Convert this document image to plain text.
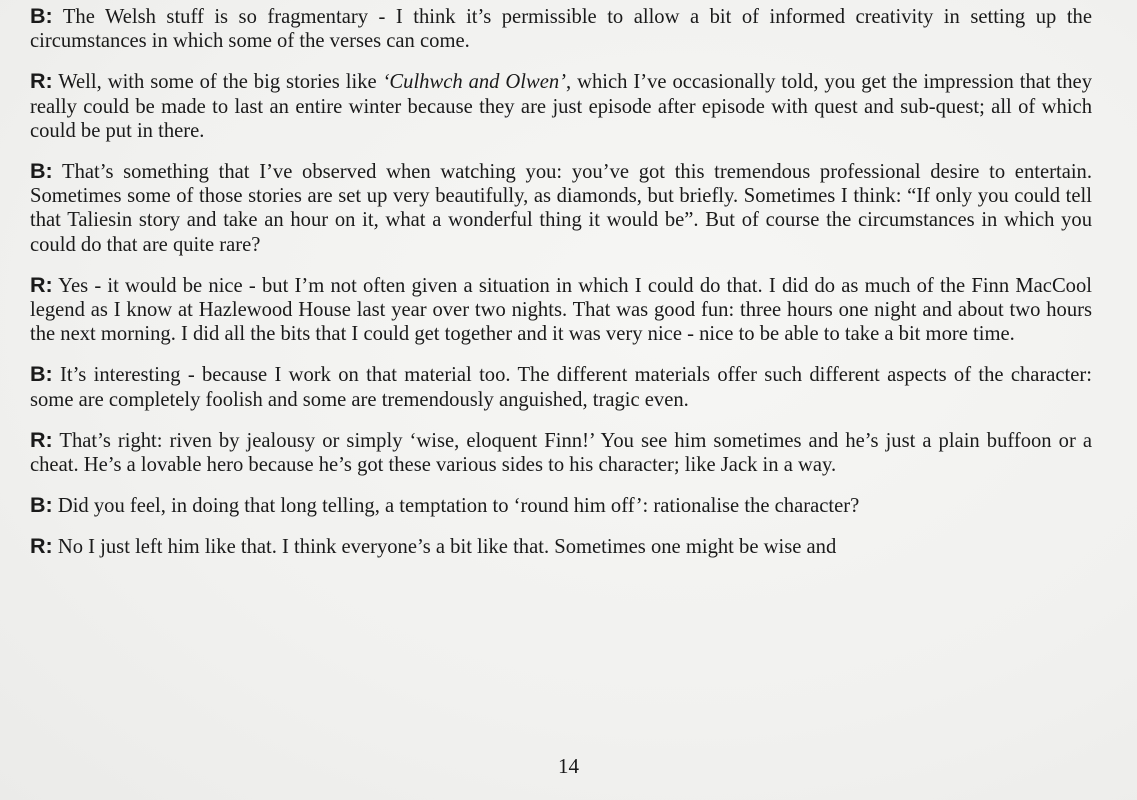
B: The Welsh stuff is so fragmentary - I think it’s permissible to allow a bit of informed creativity in setting up the circumstances in which some of the verses can come.

R: Well, with some of the big stories like ‘Culhwch and Olwen’, which I’ve occasionally told, you get the impression that they really could be made to last an entire winter because they are just episode after episode with quest and sub-quest; all of which could be put in there.

B: That’s something that I’ve observed when watching you: you’ve got this tremendous professional desire to entertain. Sometimes some of those stories are set up very beautifully, as diamonds, but briefly. Sometimes I think: “If only you could tell that Taliesin story and take an hour on it, what a wonderful thing it would be”. But of course the circumstances in which you could do that are quite rare?

R: Yes - it would be nice - but I’m not often given a situation in which I could do that. I did do as much of the Finn MacCool legend as I know at Hazlewood House last year over two nights. That was good fun: three hours one night and about two hours the next morning. I did all the bits that I could get together and it was very nice - nice to be able to take a bit more time.

B: It’s interesting - because I work on that material too. The different materials offer such different aspects of the character: some are completely foolish and some are tremendously anguished, tragic even.

R: That’s right: riven by jealousy or simply ‘wise, eloquent Finn!’ You see him sometimes and he’s just a plain buffoon or a cheat. He’s a lovable hero because he’s got these various sides to his character; like Jack in a way.

B: Did you feel, in doing that long telling, a temptation to ‘round him off’: rationalise the character?

R: No I just left him like that. I think everyone’s a bit like that. Sometimes one might be wise and

14
